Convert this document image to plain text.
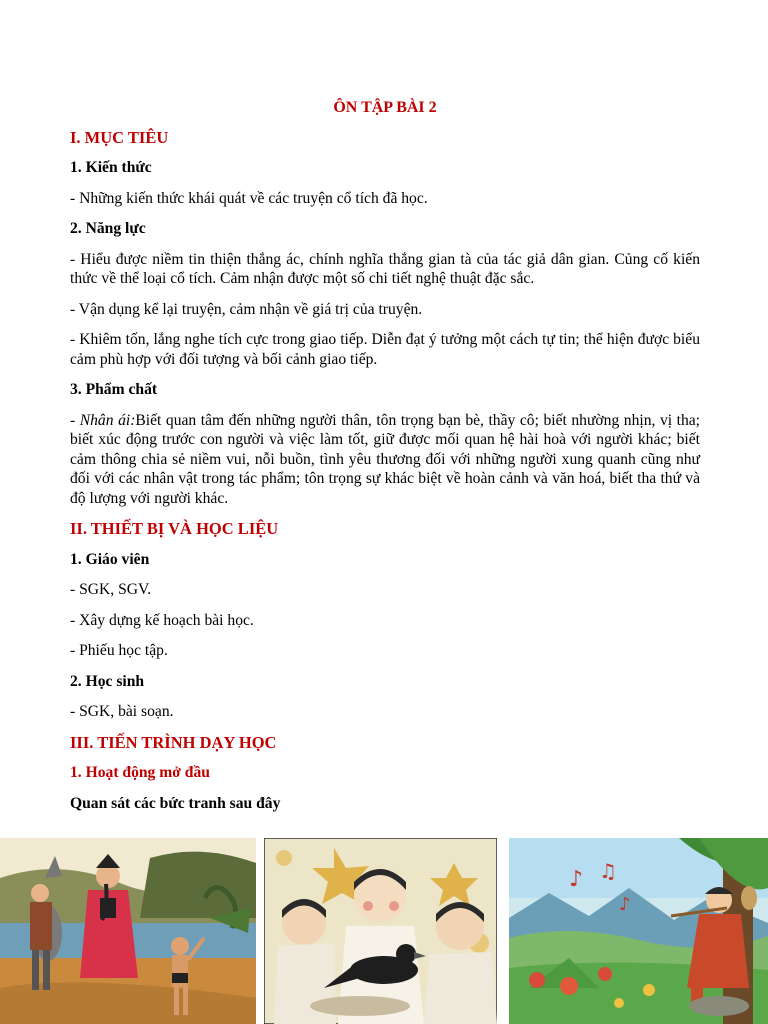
ÔN TẬP BÀI 2
I. MỤC TIÊU
1. Kiến thức
- Những kiến thức khái quát về các truyện cổ tích đã học.
2. Năng lực
- Hiểu được niềm tin thiện thắng ác, chính nghĩa thắng gian tà của tác giả dân gian. Củng cố kiến thức về thể loại cổ tích. Cảm nhận được một số chi tiết nghệ thuật đặc sắc.
- Vận dụng kể lại truyện, cảm nhận về giá trị của truyện.
- Khiêm tốn, lắng nghe tích cực trong giao tiếp. Diễn đạt ý tưởng một cách tự tin; thể hiện được biểu cảm phù hợp với đối tượng và bối cảnh giao tiếp.
3. Phẩm chất
- Nhân ái:Biết quan tâm đến những người thân, tôn trọng bạn bè, thầy cô; biết nhường nhịn, vị tha; biết xúc động trước con người và việc làm tốt, giữ được mối quan hệ hài hoà với người khác; biết cảm thông chia sẻ niềm vui, nỗi buồn, tình yêu thương đối với những người xung quanh cũng như đối với các nhân vật trong tác phẩm; tôn trọng sự khác biệt về hoàn cảnh và văn hoá, biết tha thứ và độ lượng với người khác.
II. THIẾT BỊ VÀ HỌC LIỆU
1. Giáo viên
- SGK, SGV.
- Xây dựng kế hoạch bài học.
- Phiếu học tập.
2. Học sinh
- SGK, bài soạn.
III. TIẾN TRÌNH DẠY HỌC
1. Hoạt động mở đầu
Quan sát các bức tranh sau đây
♪ ♫
♪
